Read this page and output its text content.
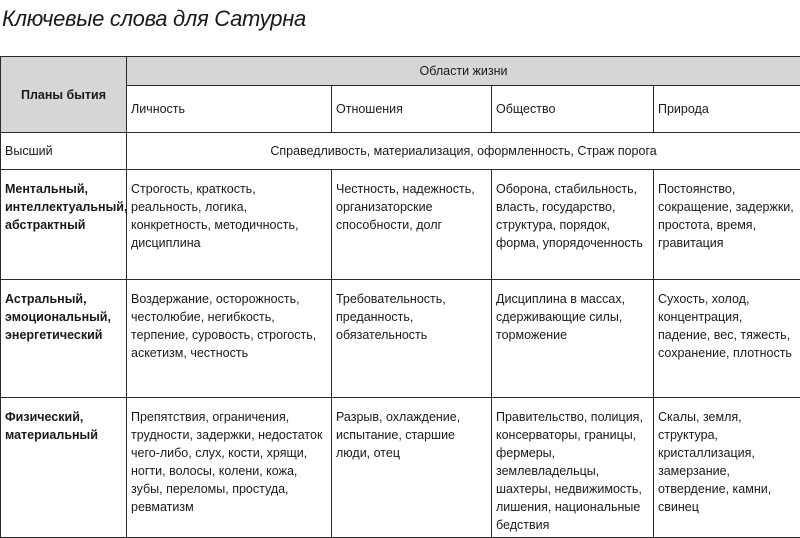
Ключевые слова для Сатурна
Планы бытия	Области жизни			
	Личность	Отношения	Общество	Природа
Высший	Справедливость, материализация, оформленность, Страж порога			
Ментальный, интеллектуальный, абстрактный	Строгость, краткость, реальность, логика, конкретность, методичность, дисциплина	Честность, надежность, организаторские способности, долг	Оборона, стабильность, власть, государство, структура, порядок, форма, упорядоченность	Постоянство, сокращение, задержки, простота, время, гравитация
Астральный, эмоциональный, энергетический	Воздержание, осторожность, честолюбие, негибкость, терпение, суровость, строгость, аскетизм, честность	Требовательность, преданность, обязательность	Дисциплина в массах, сдерживающие силы, торможение	Сухость, холод, концентрация, падение, вес, тяжесть, сохранение, плотность
Физический, материальный	Препятствия, ограничения, трудности, задержки, недостаток чего-либо, слух, кости, хрящи, ногти, волосы, колени, кожа, зубы, переломы, простуда, ревматизм	Разрыв, охлаждение, испытание, старшие люди, отец	Правительство, полиция, консерваторы, границы, фермеры, землевладельцы, шахтеры, недвижимость, лишения, национальные бедствия	Скалы, земля, структура, кристаллизация, замерзание, отвердение, камни, свинец
